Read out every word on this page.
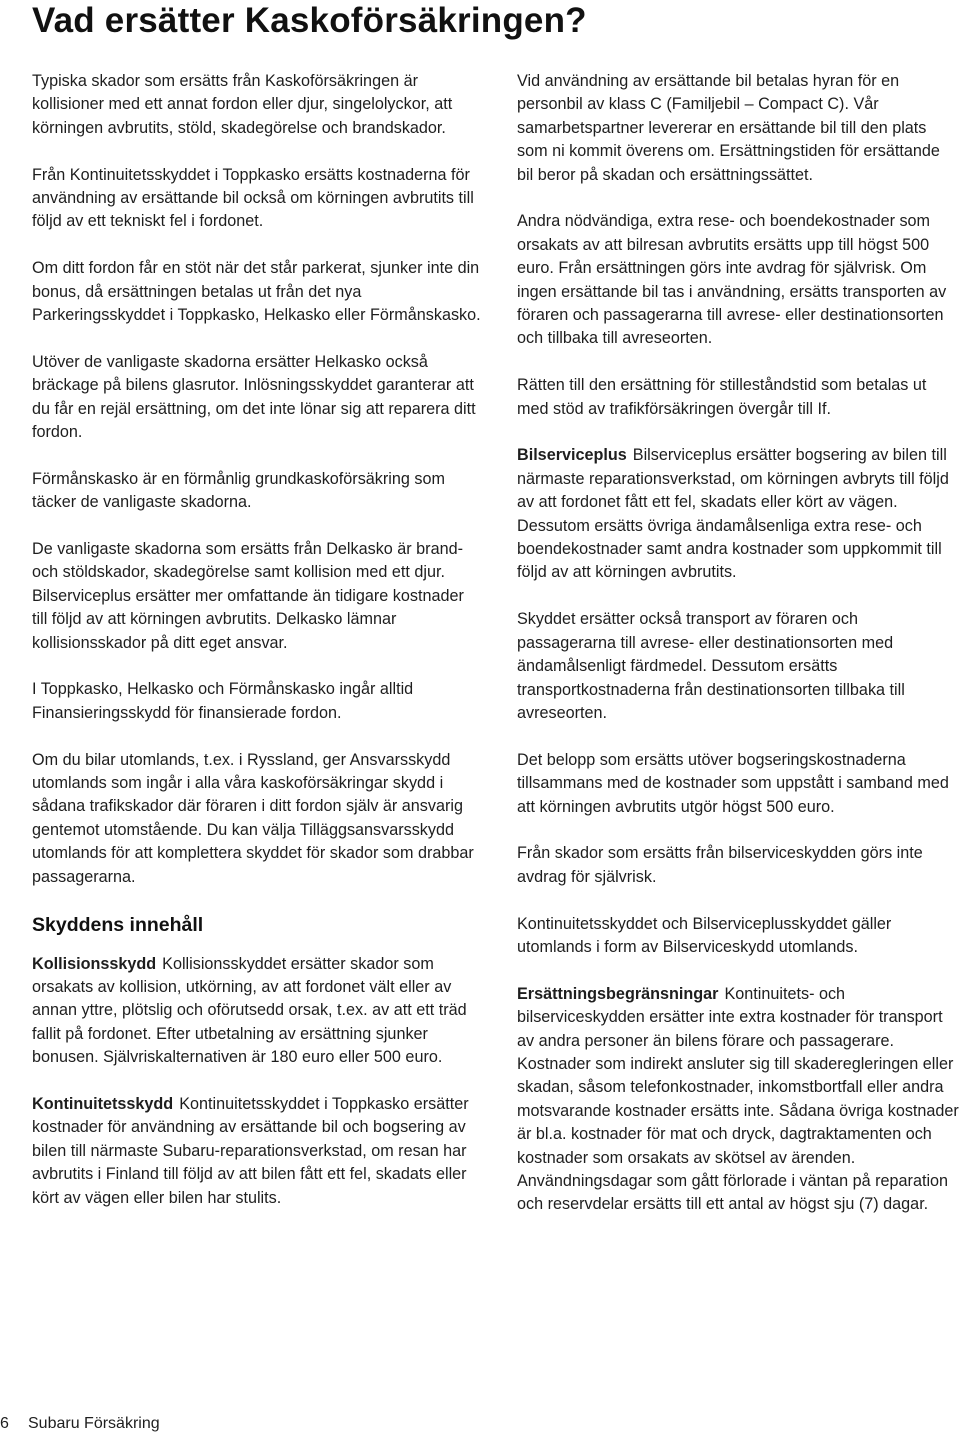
Vad ersätter Kaskoförsäkringen?

Typiska skador som ersätts från Kaskoförsäkringen är kollisioner med ett annat fordon eller djur, singelolyckor, att körningen avbrutits, stöld, skadegörelse och brandskador.

Från Kontinuitetsskyddet i Toppkasko ersätts kostnaderna för användning av ersättande bil också om körningen avbrutits till följd av ett tekniskt fel i fordonet.

Om ditt fordon får en stöt när det står parkerat, sjunker inte din bonus, då ersättningen betalas ut från det nya Parkeringsskyddet i Toppkasko, Helkasko eller Förmånskasko.

Utöver de vanligaste skadorna ersätter Helkasko också bräckage på bilens glasrutor. Inlösningsskyddet garanterar att du får en rejäl ersättning, om det inte lönar sig att reparera ditt fordon.

Förmånskasko är en förmånlig grundkaskoförsäkring som täcker de vanligaste skadorna.

De vanligaste skadorna som ersätts från Delkasko är brand- och stöldskador, skadegörelse samt kollision med ett djur. Bilserviceplus ersätter mer omfattande än tidigare kostnader till följd av att körningen avbrutits. Delkasko lämnar kollisionsskador på ditt eget ansvar.

I Toppkasko, Helkasko och Förmånskasko ingår alltid Finansieringsskydd för finansierade fordon.

Om du bilar utomlands, t.ex. i Ryssland, ger Ansvarsskydd utomlands som ingår i alla våra kaskoförsäkringar skydd i sådana trafikskador där föraren i ditt fordon själv är ansvarig gentemot utomstående. Du kan välja Tilläggsansvarsskydd utomlands för att komplettera skyddet för skador som drabbar passagerarna.

Skyddens innehåll

Kollisionsskydd Kollisionsskyddet ersätter skador som orsakats av kollision, utkörning, av att fordonet vält eller av annan yttre, plötslig och oförutsedd orsak, t.ex. av att ett träd fallit på fordonet. Efter utbetalning av ersättning sjunker bonusen. Självriskalternativen är 180 euro eller 500 euro.

Kontinuitetsskydd Kontinuitetsskyddet i Toppkasko ersätter kostnader för användning av ersättande bil och bogsering av bilen till närmaste Subaru-reparationsverkstad, om resan har avbrutits i Finland till följd av att bilen fått ett fel, skadats eller kört av vägen eller bilen har stulits.

Vid användning av ersättande bil betalas hyran för en personbil av klass C (Familjebil – Compact C). Vår samarbetspartner levererar en ersättande bil till den plats som ni kommit överens om. Ersättningstiden för ersättande bil beror på skadan och ersättningssättet.

Andra nödvändiga, extra rese- och boendekostnader som orsakats av att bilresan avbrutits ersätts upp till högst 500 euro. Från ersättningen görs inte avdrag för självrisk. Om ingen ersättande bil tas i användning, ersätts transporten av föraren och passagerarna till avrese- eller destinationsorten och tillbaka till avreseorten.

Rätten till den ersättning för stilleståndstid som betalas ut med stöd av trafikförsäkringen övergår till If.

Bilserviceplus Bilserviceplus ersätter bogsering av bilen till närmaste reparationsverkstad, om körningen avbryts till följd av att fordonet fått ett fel, skadats eller kört av vägen. Dessutom ersätts övriga ändamålsenliga extra rese- och boendekostnader samt andra kostnader som uppkommit till följd av att körningen avbrutits.

Skyddet ersätter också transport av föraren och passagerarna till avrese- eller destinationsorten med ändamålsenligt färdmedel. Dessutom ersätts transportkostnaderna från destinationsorten tillbaka till avreseorten.

Det belopp som ersätts utöver bogseringskostnaderna tillsammans med de kostnader som uppstått i samband med att körningen avbrutits utgör högst 500 euro.

Från skador som ersätts från bilserviceskydden görs inte avdrag för självrisk.

Kontinuitetsskyddet och Bilserviceplusskyddet gäller utomlands i form av Bilserviceskydd utomlands.

Ersättningsbegränsningar Kontinuitets- och bilserviceskydden ersätter inte extra kostnader för transport av andra personer än bilens förare och passagerare. Kostnader som indirekt ansluter sig till skaderegleringen eller skadan, såsom telefonkostnader, inkomstbortfall eller andra motsvarande kostnader ersätts inte. Sådana övriga kostnader är bl.a. kostnader för mat och dryck, dagtraktamenten och kostnader som orsakats av skötsel av ärenden. Användningsdagar som gått förlorade i väntan på reparation och reservdelar ersätts till ett antal av högst sju (7) dagar.

6 Subaru Försäkring
